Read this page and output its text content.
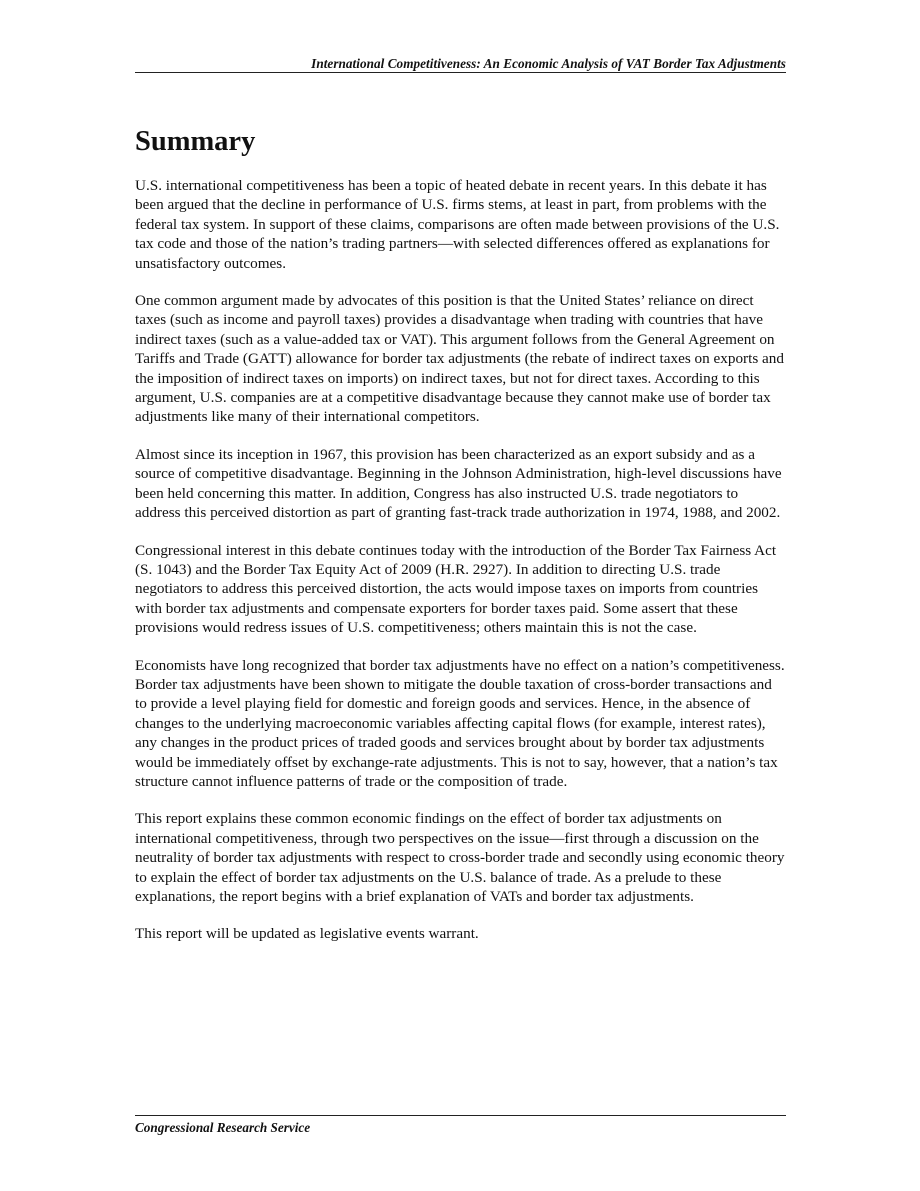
International Competitiveness: An Economic Analysis of VAT Border Tax Adjustments
Summary

U.S. international competitiveness has been a topic of heated debate in recent years. In this debate it has been argued that the decline in performance of U.S. firms stems, at least in part, from problems with the federal tax system. In support of these claims, comparisons are often made between provisions of the U.S. tax code and those of the nation’s trading partners—with selected differences offered as explanations for unsatisfactory outcomes.

One common argument made by advocates of this position is that the United States’ reliance on direct taxes (such as income and payroll taxes) provides a disadvantage when trading with countries that have indirect taxes (such as a value-added tax or VAT). This argument follows from the General Agreement on Tariffs and Trade (GATT) allowance for border tax adjustments (the rebate of indirect taxes on exports and the imposition of indirect taxes on imports) on indirect taxes, but not for direct taxes. According to this argument, U.S. companies are at a competitive disadvantage because they cannot make use of border tax adjustments like many of their international competitors.

Almost since its inception in 1967, this provision has been characterized as an export subsidy and as a source of competitive disadvantage. Beginning in the Johnson Administration, high-level discussions have been held concerning this matter. In addition, Congress has also instructed U.S. trade negotiators to address this perceived distortion as part of granting fast-track trade authorization in 1974, 1988, and 2002.

Congressional interest in this debate continues today with the introduction of the Border Tax Fairness Act (S. 1043) and the Border Tax Equity Act of 2009 (H.R. 2927). In addition to directing U.S. trade negotiators to address this perceived distortion, the acts would impose taxes on imports from countries with border tax adjustments and compensate exporters for border taxes paid. Some assert that these provisions would redress issues of U.S. competitiveness; others maintain this is not the case.

Economists have long recognized that border tax adjustments have no effect on a nation’s competitiveness. Border tax adjustments have been shown to mitigate the double taxation of cross-border transactions and to provide a level playing field for domestic and foreign goods and services. Hence, in the absence of changes to the underlying macroeconomic variables affecting capital flows (for example, interest rates), any changes in the product prices of traded goods and services brought about by border tax adjustments would be immediately offset by exchange-rate adjustments. This is not to say, however, that a nation’s tax structure cannot influence patterns of trade or the composition of trade.

This report explains these common economic findings on the effect of border tax adjustments on international competitiveness, through two perspectives on the issue—first through a discussion on the neutrality of border tax adjustments with respect to cross-border trade and secondly using economic theory to explain the effect of border tax adjustments on the U.S. balance of trade. As a prelude to these explanations, the report begins with a brief explanation of VATs and border tax adjustments.

This report will be updated as legislative events warrant.

Congressional Research Service
